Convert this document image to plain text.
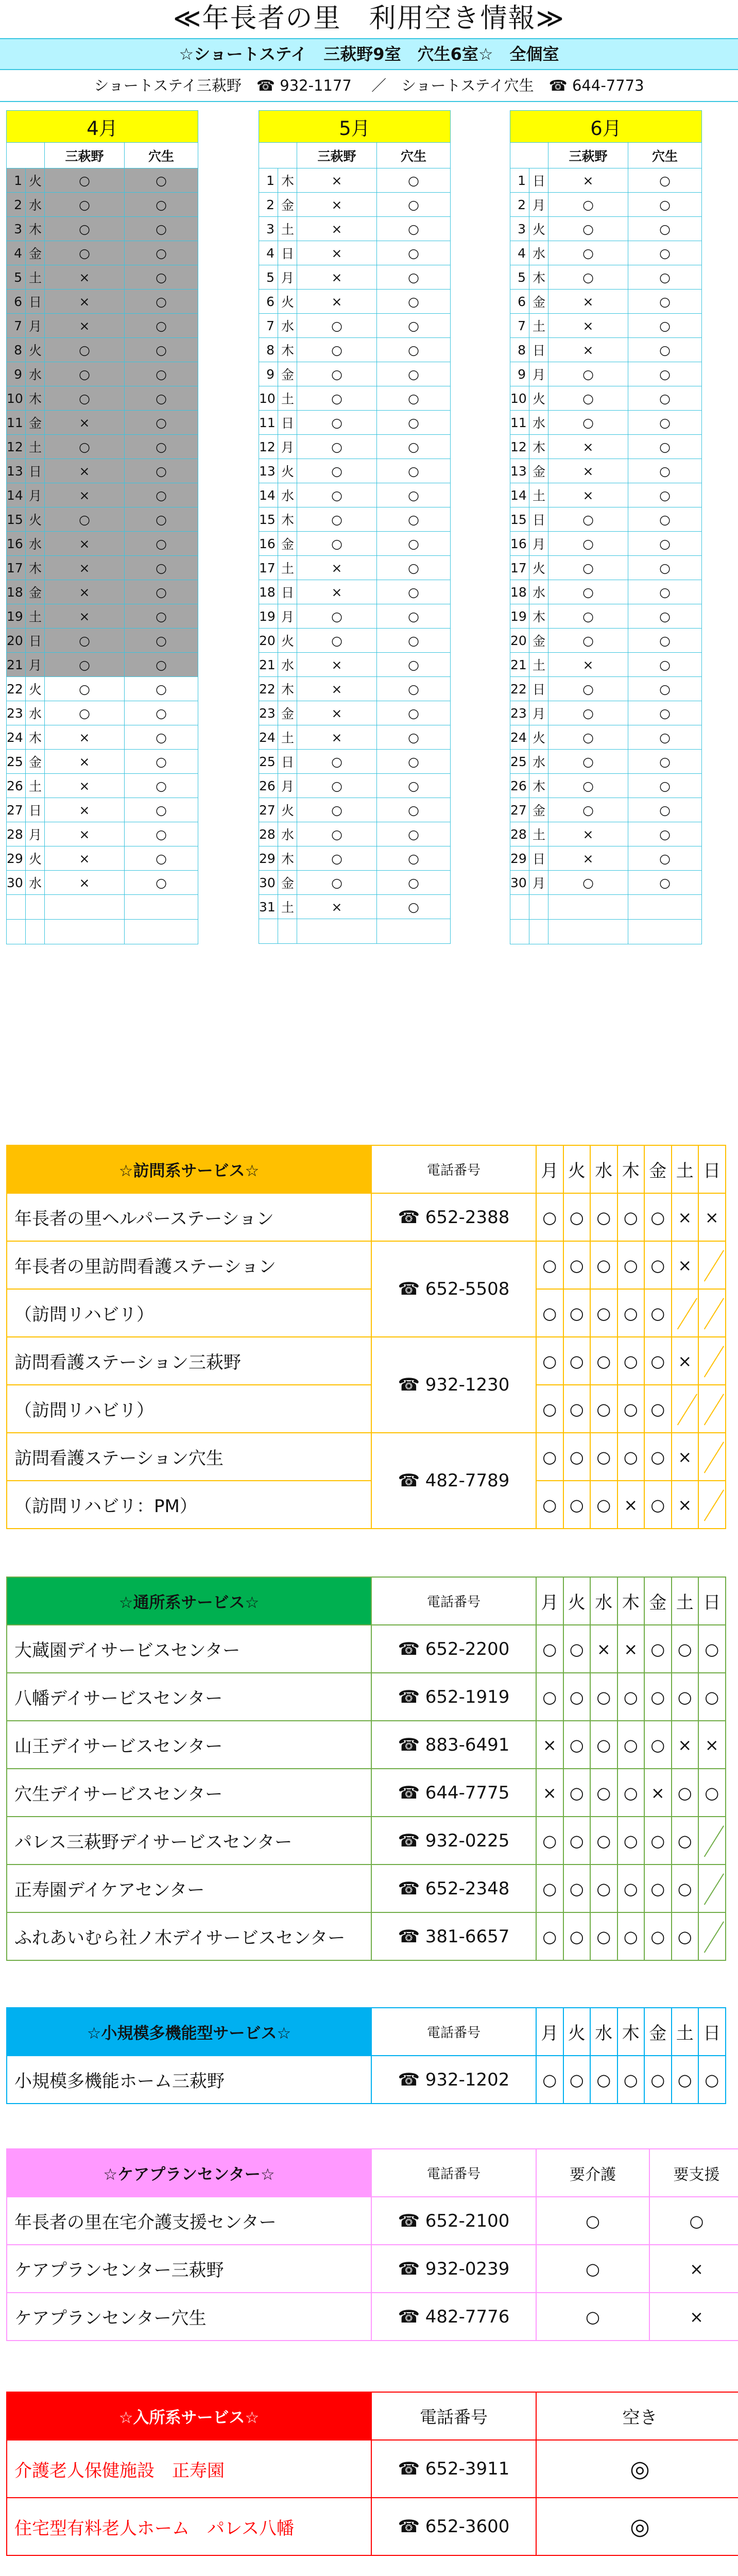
≪年長者の里　利用空き情報≫
☆ショートステイ　三萩野9室　穴生6室☆　全個室
ショートステイ三萩野　☎ 932-1177　 ／　ショートステイ穴生　☎ 644-7773
4月			
		三萩野	穴生
1	火	○	○
2	水	○	○
3	木	○	○
4	金	○	○
5	土	×	○
6	日	×	○
7	月	×	○
8	火	○	○
9	水	○	○
10	木	○	○
11	金	×	○
12	土	○	○
13	日	×	○
14	月	×	○
15	火	○	○
16	水	×	○
17	木	×	○
18	金	×	○
19	土	×	○
20	日	○	○
21	月	○	○
22	火	○	○
23	水	○	○
24	木	×	○
25	金	×	○
26	土	×	○
27	日	×	○
28	月	×	○
29	火	×	○
30	水	×	○

5月			
		三萩野	穴生
1	木	×	○
2	金	×	○
3	土	×	○
4	日	×	○
5	月	×	○
6	火	×	○
7	水	○	○
8	木	○	○
9	金	○	○
10	土	○	○
11	日	○	○
12	月	○	○
13	火	○	○
14	水	○	○
15	木	○	○
16	金	○	○
17	土	×	○
18	日	×	○
19	月	○	○
20	火	○	○
21	水	×	○
22	木	×	○
23	金	×	○
24	土	×	○
25	日	○	○
26	月	○	○
27	火	○	○
28	水	○	○
29	木	○	○
30	金	○	○
31	土	×	○

6月			
		三萩野	穴生
1	日	×	○
2	月	○	○
3	火	○	○
4	水	○	○
5	木	○	○
6	金	×	○
7	土	×	○
8	日	×	○
9	月	○	○
10	火	○	○
11	水	○	○
12	木	×	○
13	金	×	○
14	土	×	○
15	日	○	○
16	月	○	○
17	火	○	○
18	水	○	○
19	木	○	○
20	金	○	○
21	土	×	○
22	日	○	○
23	月	○	○
24	火	○	○
25	水	○	○
26	木	○	○
27	金	○	○
28	土	×	○
29	日	×	○
30	月	○	○

☆訪問系サービス☆	電話番号	月	火	水	木	金	土	日
年長者の里ヘルパーステーション	☎ 652-2388	○	○	○	○	○	×	×
年長者の里訪問看護ステーション	☎ 652-5508	○	○	○	○	○	×	
（訪問リハビリ）		○	○	○	○	○		
訪問看護ステーション三萩野	☎ 932-1230	○	○	○	○	○	×	
（訪問リハビリ）		○	○	○	○	○		
訪問看護ステーション穴生	☎ 482-7789	○	○	○	○	○	×	
（訪問リハビリ：PM）		○	○	○	×	○	×	
☆通所系サービス☆	電話番号	月	火	水	木	金	土	日
大蔵園デイサービスセンター	☎ 652-2200	○	○	×	×	○	○	○
八幡デイサービスセンター	☎ 652-1919	○	○	○	○	○	○	○
山王デイサービスセンター	☎ 883-6491	×	○	○	○	○	×	×
穴生デイサービスセンター	☎ 644-7775	×	○	○	○	×	○	○
パレス三萩野デイサービスセンター	☎ 932-0225	○	○	○	○	○	○	
正寿園デイケアセンター	☎ 652-2348	○	○	○	○	○	○	
ふれあいむら社ノ木デイサービスセンター	☎ 381-6657	○	○	○	○	○	○	
☆小規模多機能型サービス☆	電話番号	月	火	水	木	金	土	日
小規模多機能ホーム三萩野	☎ 932-1202	○	○	○	○	○	○	○
☆ケアプランセンター☆	電話番号	要介護	要支援
年長者の里在宅介護支援センター	☎ 652-2100	○	○
ケアプランセンター三萩野	☎ 932-0239	○	×
ケアプランセンター穴生	☎ 482-7776	○	×
☆入所系サービス☆	電話番号	空き
介護老人保健施設　正寿園	☎ 652-3911	◎
住宅型有料老人ホーム　パレス八幡	☎ 652-3600	◎
